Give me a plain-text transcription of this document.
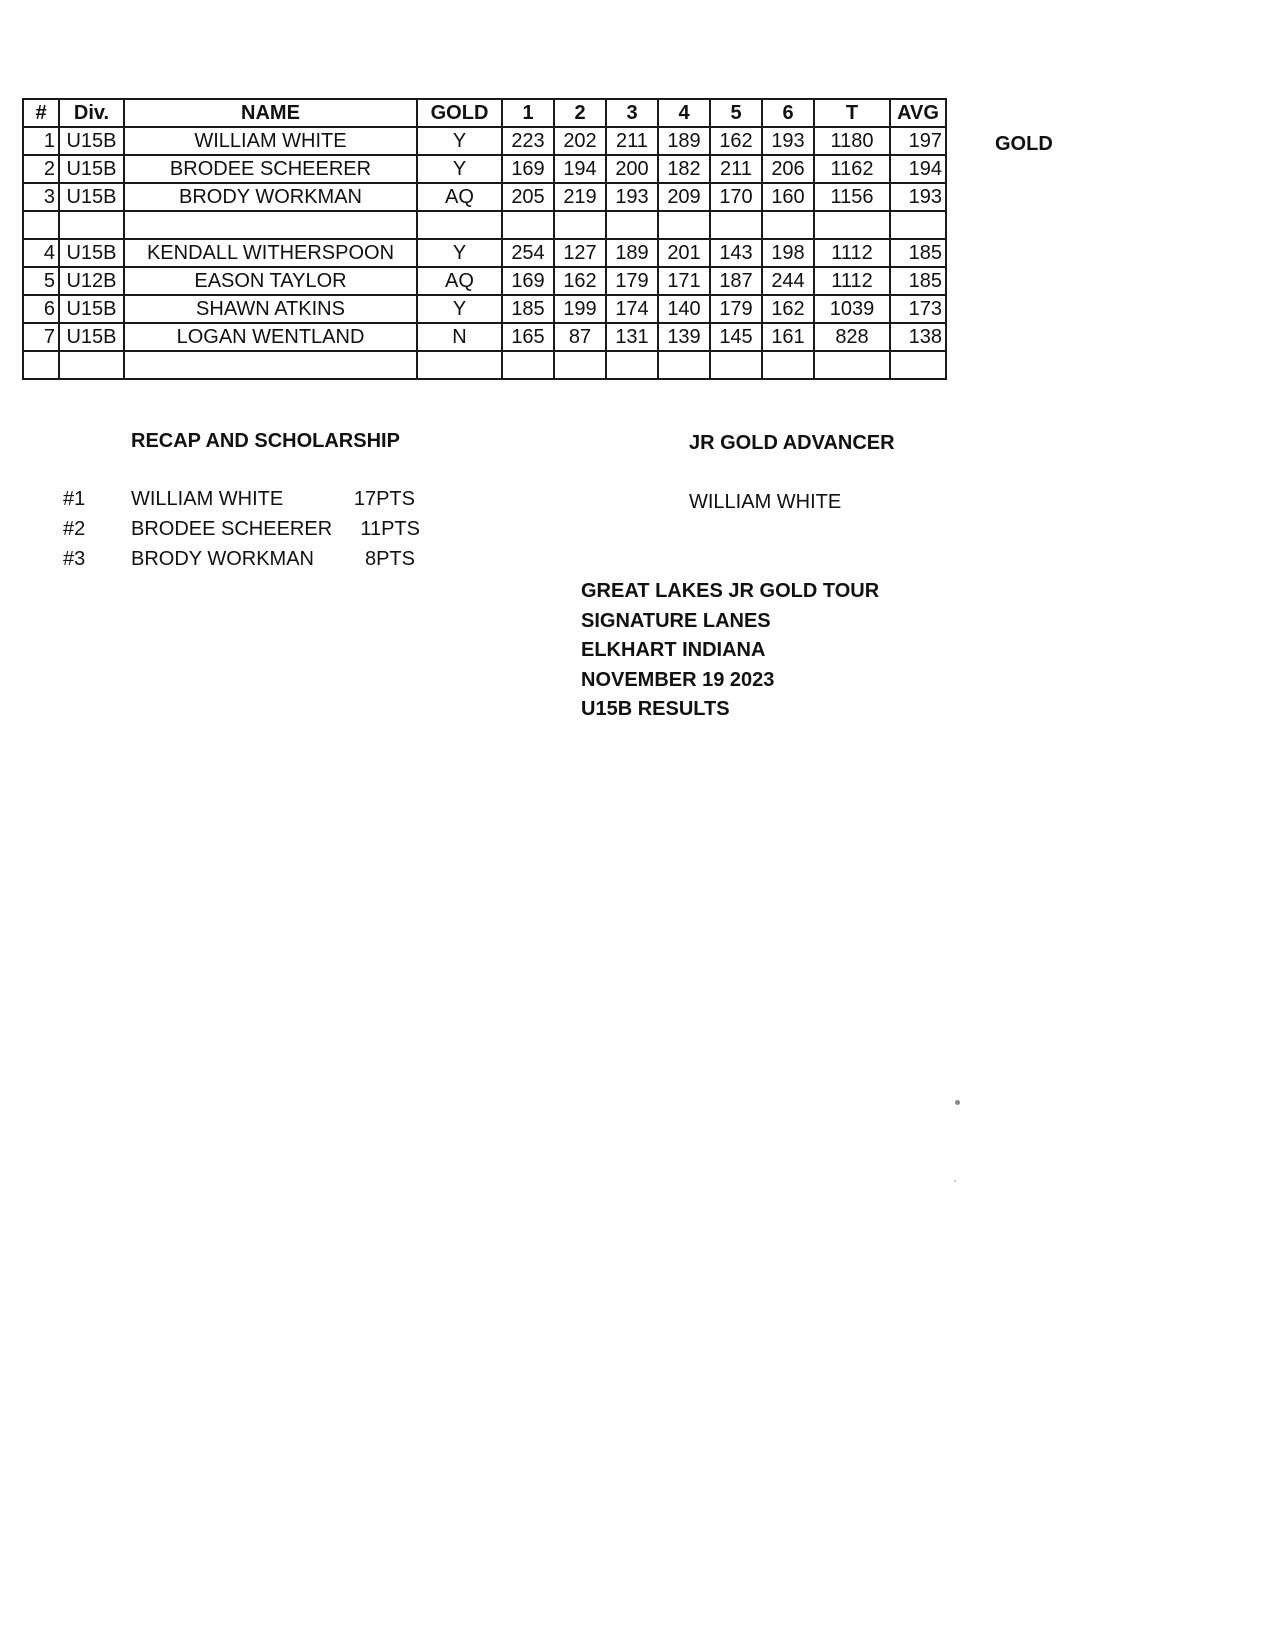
#	Div.	NAME	GOLD	1	2	3	4	5	6	T	AVG
1	U15B	WILLIAM WHITE	Y	223	202	211	189	162	193	1180	197
2	U15B	BRODEE SCHEERER	Y	169	194	200	182	211	206	1162	194
3	U15B	BRODY WORKMAN	AQ	205	219	193	209	170	160	1156	193

4	U15B	KENDALL WITHERSPOON	Y	254	127	189	201	143	198	1112	185
5	U12B	EASON TAYLOR	AQ	169	162	179	171	187	244	1112	185
6	U15B	SHAWN ATKINS	Y	185	199	174	140	179	162	1039	173
7	U15B	LOGAN WENTLAND	N	165	87	131	139	145	161	828	138

GOLD
RECAP AND SCHOLARSHIP
#1 WILLIAM WHITE	17PTS
#2 BRODEE SCHEERER	11PTS
#3 BRODY WORKMAN	8PTS
JR GOLD ADVANCER
WILLIAM WHITE
GREAT LAKES JR GOLD TOUR
SIGNATURE LANES
ELKHART INDIANA
NOVEMBER 19 2023
U15B RESULTS
